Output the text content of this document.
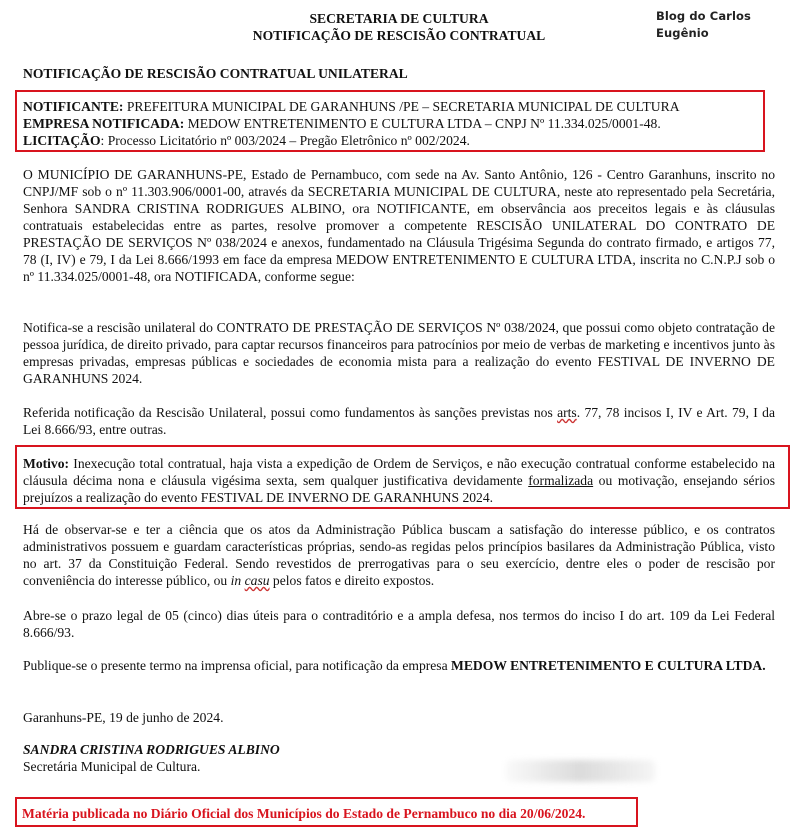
Blog do Carlos Eugênio
SECRETARIA DE CULTURA
NOTIFICAÇÃO DE RESCISÃO CONTRATUAL
NOTIFICAÇÃO DE RESCISÃO CONTRATUAL UNILATERAL
NOTIFICANTE: PREFEITURA MUNICIPAL DE GARANHUNS /PE – SECRETARIA MUNICIPAL DE CULTURA
EMPRESA NOTIFICADA: MEDOW ENTRETENIMENTO E CULTURA LTDA – CNPJ Nº 11.334.025/0001-48.
LICITAÇÃO: Processo Licitatório nº 003/2024 – Pregão Eletrônico nº 002/2024.

O MUNICÍPIO DE GARANHUNS-PE, Estado de Pernambuco, com sede na Av. Santo Antônio, 126 - Centro Garanhuns, inscrito no CNPJ/MF sob o nº 11.303.906/0001-00, através da SECRETARIA MUNICIPAL DE CULTURA, neste ato representado pela Secretária, Senhora SANDRA CRISTINA RODRIGUES ALBINO, ora NOTIFICANTE, em observância aos preceitos legais e às cláusulas contratuais estabelecidas entre as partes, resolve promover a competente RESCISÃO UNILATERAL DO CONTRATO DE PRESTAÇÃO DE SERVIÇOS Nº 038/2024 e anexos, fundamentado na Cláusula Trigésima Segunda do contrato firmado, e artigos 77, 78 (I, IV) e 79, I da Lei 8.666/1993 em face da empresa MEDOW ENTRETENIMENTO E CULTURA LTDA, inscrita no C.N.P.J sob o nº 11.334.025/0001-48, ora NOTIFICADA, conforme segue:

Notifica-se a rescisão unilateral do CONTRATO DE PRESTAÇÃO DE SERVIÇOS Nº 038/2024, que possui como objeto contratação de pessoa jurídica, de direito privado, para captar recursos financeiros para patrocínios por meio de verbas de marketing e incentivos junto às empresas privadas, empresas públicas e sociedades de economia mista para a realização do evento FESTIVAL DE INVERNO DE GARANHUNS 2024.

Referida notificação da Rescisão Unilateral, possui como fundamentos às sanções previstas nos arts. 77, 78 incisos I, IV e Art. 79, I da Lei 8.666/93, entre outras.

Motivo: Inexecução total contratual, haja vista a expedição de Ordem de Serviços, e não execução contratual conforme estabelecido na cláusula décima nona e cláusula vigésima sexta, sem qualquer justificativa devidamente formalizada ou motivação, ensejando sérios prejuízos a realização do evento FESTIVAL DE INVERNO DE GARANHUNS 2024.

Há de observar-se e ter a ciência que os atos da Administração Pública buscam a satisfação do interesse público, e os contratos administrativos possuem e guardam características próprias, sendo-as regidas pelos princípios basilares da Administração Pública, visto no art. 37 da Constituição Federal. Sendo revestidos de prerrogativas para o seu exercício, dentre eles o poder de rescisão por conveniência do interesse público, ou in casu pelos fatos e direito expostos.

Abre-se o prazo legal de 05 (cinco) dias úteis para o contraditório e a ampla defesa, nos termos do inciso I do art. 109 da Lei Federal 8.666/93.

Publique-se o presente termo na imprensa oficial, para notificação da empresa MEDOW ENTRETENIMENTO E CULTURA LTDA.

Garanhuns-PE, 19 de junho de 2024.
SANDRA CRISTINA RODRIGUES ALBINO
Secretária Municipal de Cultura.
Matéria publicada no Diário Oficial dos Municípios do Estado de Pernambuco no dia 20/06/2024.
